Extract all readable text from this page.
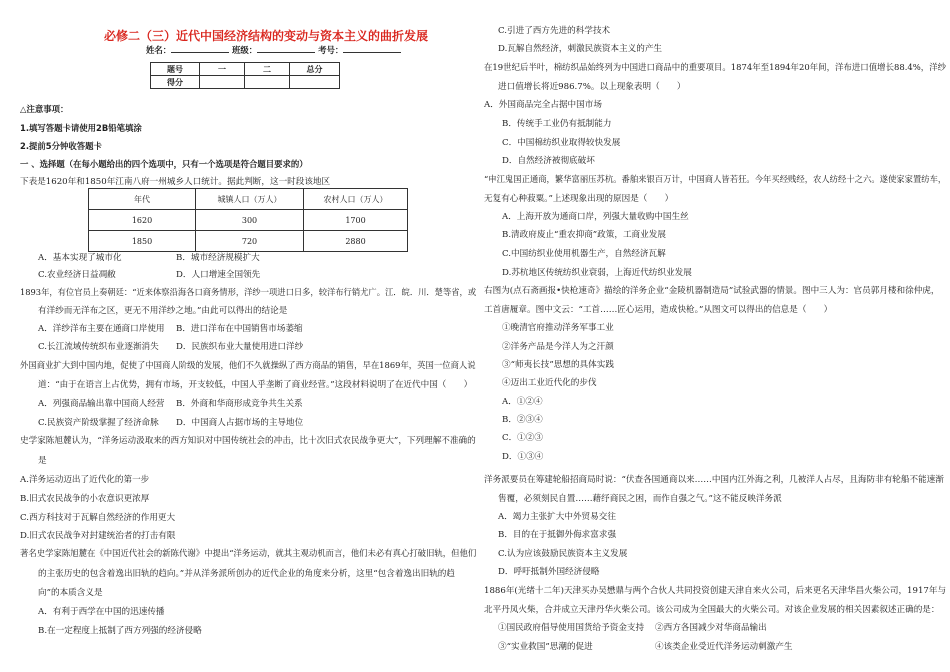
必修二（三）近代中国经济结构的变动与资本主义的曲折发展
姓名：	班级：	考号：
题号	一	二	总分
得分			
△注意事项：
1.填写答题卡请使用2B铅笔填涂
2.提前5分钟收答题卡
一 、选择题（在每小题给出的四个选项中，只有一个选项是符合题目要求的）
下表是1620年和1850年江南八府一州城乡人口统计。据此判断，这一时段该地区
年代	城镇人口（万人）	农村人口（万人）
1620	300	1700
1850	720	2880
A．基本实现了城市化	B．城市经济规模扩大
C.农业经济日益凋敝	D．人口增速全国领先
1893年，有位官员上奏朝廷：“近来体察沿海各口商务情形，洋纱一项进口日多，较洋布行销尤广。江．皖．川．楚等省，或
有洋纱而无洋布之区，更无不用洋纱之地。”由此可以得出的结论是
A．洋纱洋布主要在通商口岸使用 B．进口洋布在中国销售市场萎缩
C.长江流域传统织布业逐渐消失 D．民族织布业大量使用进口洋纱
外国商业扩大到中国内地，促使了中国商人阶级的发展，他们不久就操纵了西方商品的销售，早在1869年，英国一位商人说
道：“由于在语言上占优势，拥有市场，开支较低，中国人乎垄断了商业经营。”这段材料说明了在近代中国（　　）
A．列强商品输出靠中国商人经营 B．外商和华商形成竞争共生关系
C.民族资产阶级掌握了经济命脉 D．中国商人占据市场的主导地位
史学家陈旭麓认为，“洋务运动汲取来的西方知识对中国传统社会的冲击，比十次旧式农民战争更大”，下列理解不准确的
是
A.洋务运动迈出了近代化的第一步
B.旧式农民战争的小农意识更浓厚
C.西方科技对于瓦解自然经济的作用更大
D.旧式农民战争对封建统治者的打击有限
著名史学家陈旭麓在《中国近代社会的新陈代谢》中提出“洋务运动，就其主观动机而言，他们未必有真心打破旧轨，但他们
的主张历史的包含着逸出旧轨的趋向。”并从洋务派所创办的近代企业的角度来分析，这里“包含着逸出旧轨的趋
向”的本质含义是
A．有利于西学在中国的迅速传播
B.在一定程度上抵制了西方列强的经济侵略
C.引进了西方先进的科学技术
D.瓦解自然经济，刺激民族资本主义的产生
在19世纪后半叶，棉纺织品始终列为中国进口商品中的重要项目。1874年至1894年20年间，洋布进口值增长88.4%，洋纱
进口值增长将近986.7%。以上现象表明（　　）
A．外国商品完全占据中国市场
B．传统手工业仍有抵制能力
C．中国棉纺织业取得较快发展
D．自然经济被彻底破坏
“申江鬼国正通商，繁华富丽压苏杭。番舶来银百万计，中国商人皆若狂。今年买经贱经，农人纺经十之六。遂使家家置纺车，
无复有心种菽粟。”上述现象出现的原因是（　　）
A．上海开放为通商口岸，列强大量收购中国生丝
B.清政府废止“重农抑商”政策，工商业发展
C.中国纺织业使用机器生产，自然经济瓦解
D.苏杭地区传统纺织业衰弱，上海近代纺织业发展
右图为(点石斋画报•快枪速奇》描绘的洋务企业“金陵机器制造局”试验武器的情景。图中三人为：官员郭月楼和徐仲虎，
工首唐履章。图中文云：“工首……匠心运用，造成快枪。”从图文可以得出的信息是（　　）
①晚清官府推动洋务军事工业
②洋务产品是今洋人为之汗颜
③“师夷长技”思想的具体实践
④迈出工业近代化的步伐
A．①②④
B．②③④
C．①②③
D．①③④
洋务派要员在筹建轮船招商局时说：“伏查各国通商以来……中国内江外海之利，几被洋人占尽，且海防非有轮船不能速渐
售覆，必须刻民自置……藉纾商民之困，而作自强之气。”这不能反映洋务派
A．竭力主张扩大中外贸易交往
B．目的在于抵御外侮求富求强
C.认为应该鼓励民族资本主义发展
D．呼吁抵制外国经济侵略
1886年(光绪十二年)天津买办吴懋鼎与两个合伙人共同投资创建天津自来火公司，后来更名天津华昌火柴公司，1917年与
北平丹凤火柴，合并成立天津丹华火柴公司。该公司成为全国最大的火柴公司。对该企业发展的相关因素叙述正确的是：
①国民政府倡导使用国货给予资金支持 ②西方各国减少对华商品输出
③“实业救国”思潮的促进	④该类企业受近代洋务运动刺激产生
